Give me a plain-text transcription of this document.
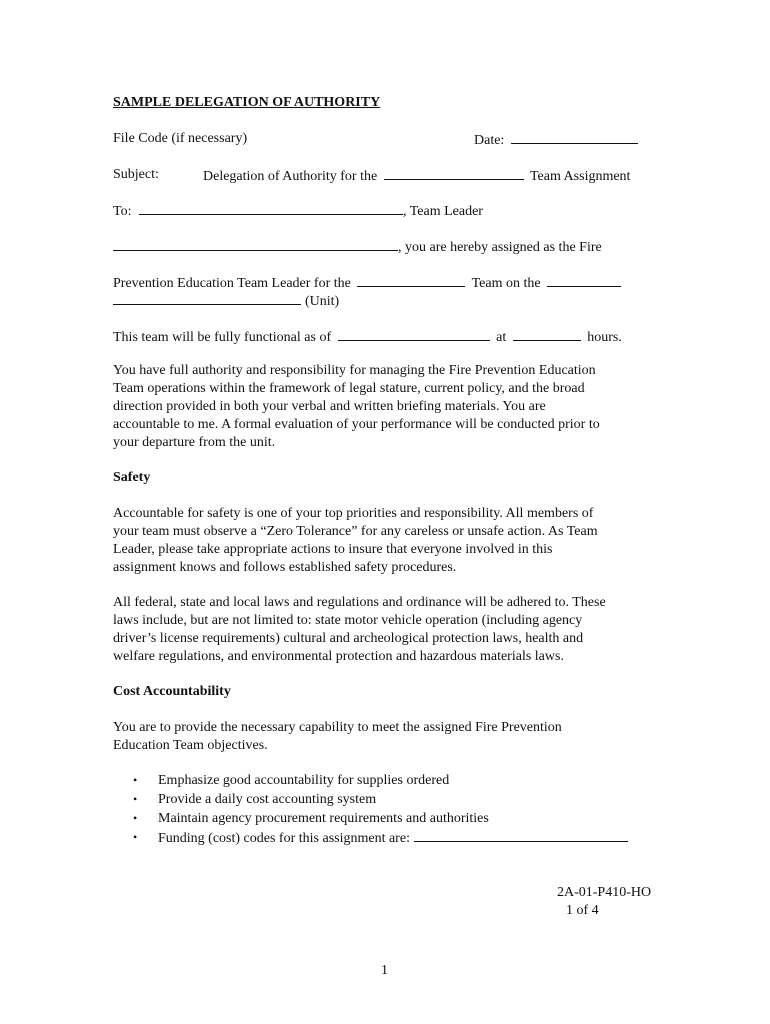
SAMPLE DELEGATION OF AUTHORITY
File Code (if necessary)	Date:
Subject:	Delegation of Authority for the	Team Assignment
To:	, Team Leader
, you are hereby assigned as the Fire
Prevention Education Team Leader for the	Team on the
(Unit)
This team will be fully functional as of	at	hours.
You have full authority and responsibility for managing the Fire Prevention Education
Team operations within the framework of legal stature, current policy, and the broad
direction provided in both your verbal and written briefing materials. You are
accountable to me. A formal evaluation of your performance will be conducted prior to
your departure from the unit.
Safety
Accountable for safety is one of your top priorities and responsibility. All members of
your team must observe a “Zero Tolerance” for any careless or unsafe action. As Team
Leader, please take appropriate actions to insure that everyone involved in this
assignment knows and follows established safety procedures.
All federal, state and local laws and regulations and ordinance will be adhered to. These
laws include, but are not limited to: state motor vehicle operation (including agency
driver’s license requirements) cultural and archeological protection laws, health and
welfare regulations, and environmental protection and hazardous materials laws.
Cost Accountability
You are to provide the necessary capability to meet the assigned Fire Prevention
Education Team objectives.
• Emphasize good accountability for supplies ordered
• Provide a daily cost accounting system
• Maintain agency procurement requirements and authorities
• Funding (cost) codes for this assignment are:
2A-01-P410-HO
1 of 4
1
